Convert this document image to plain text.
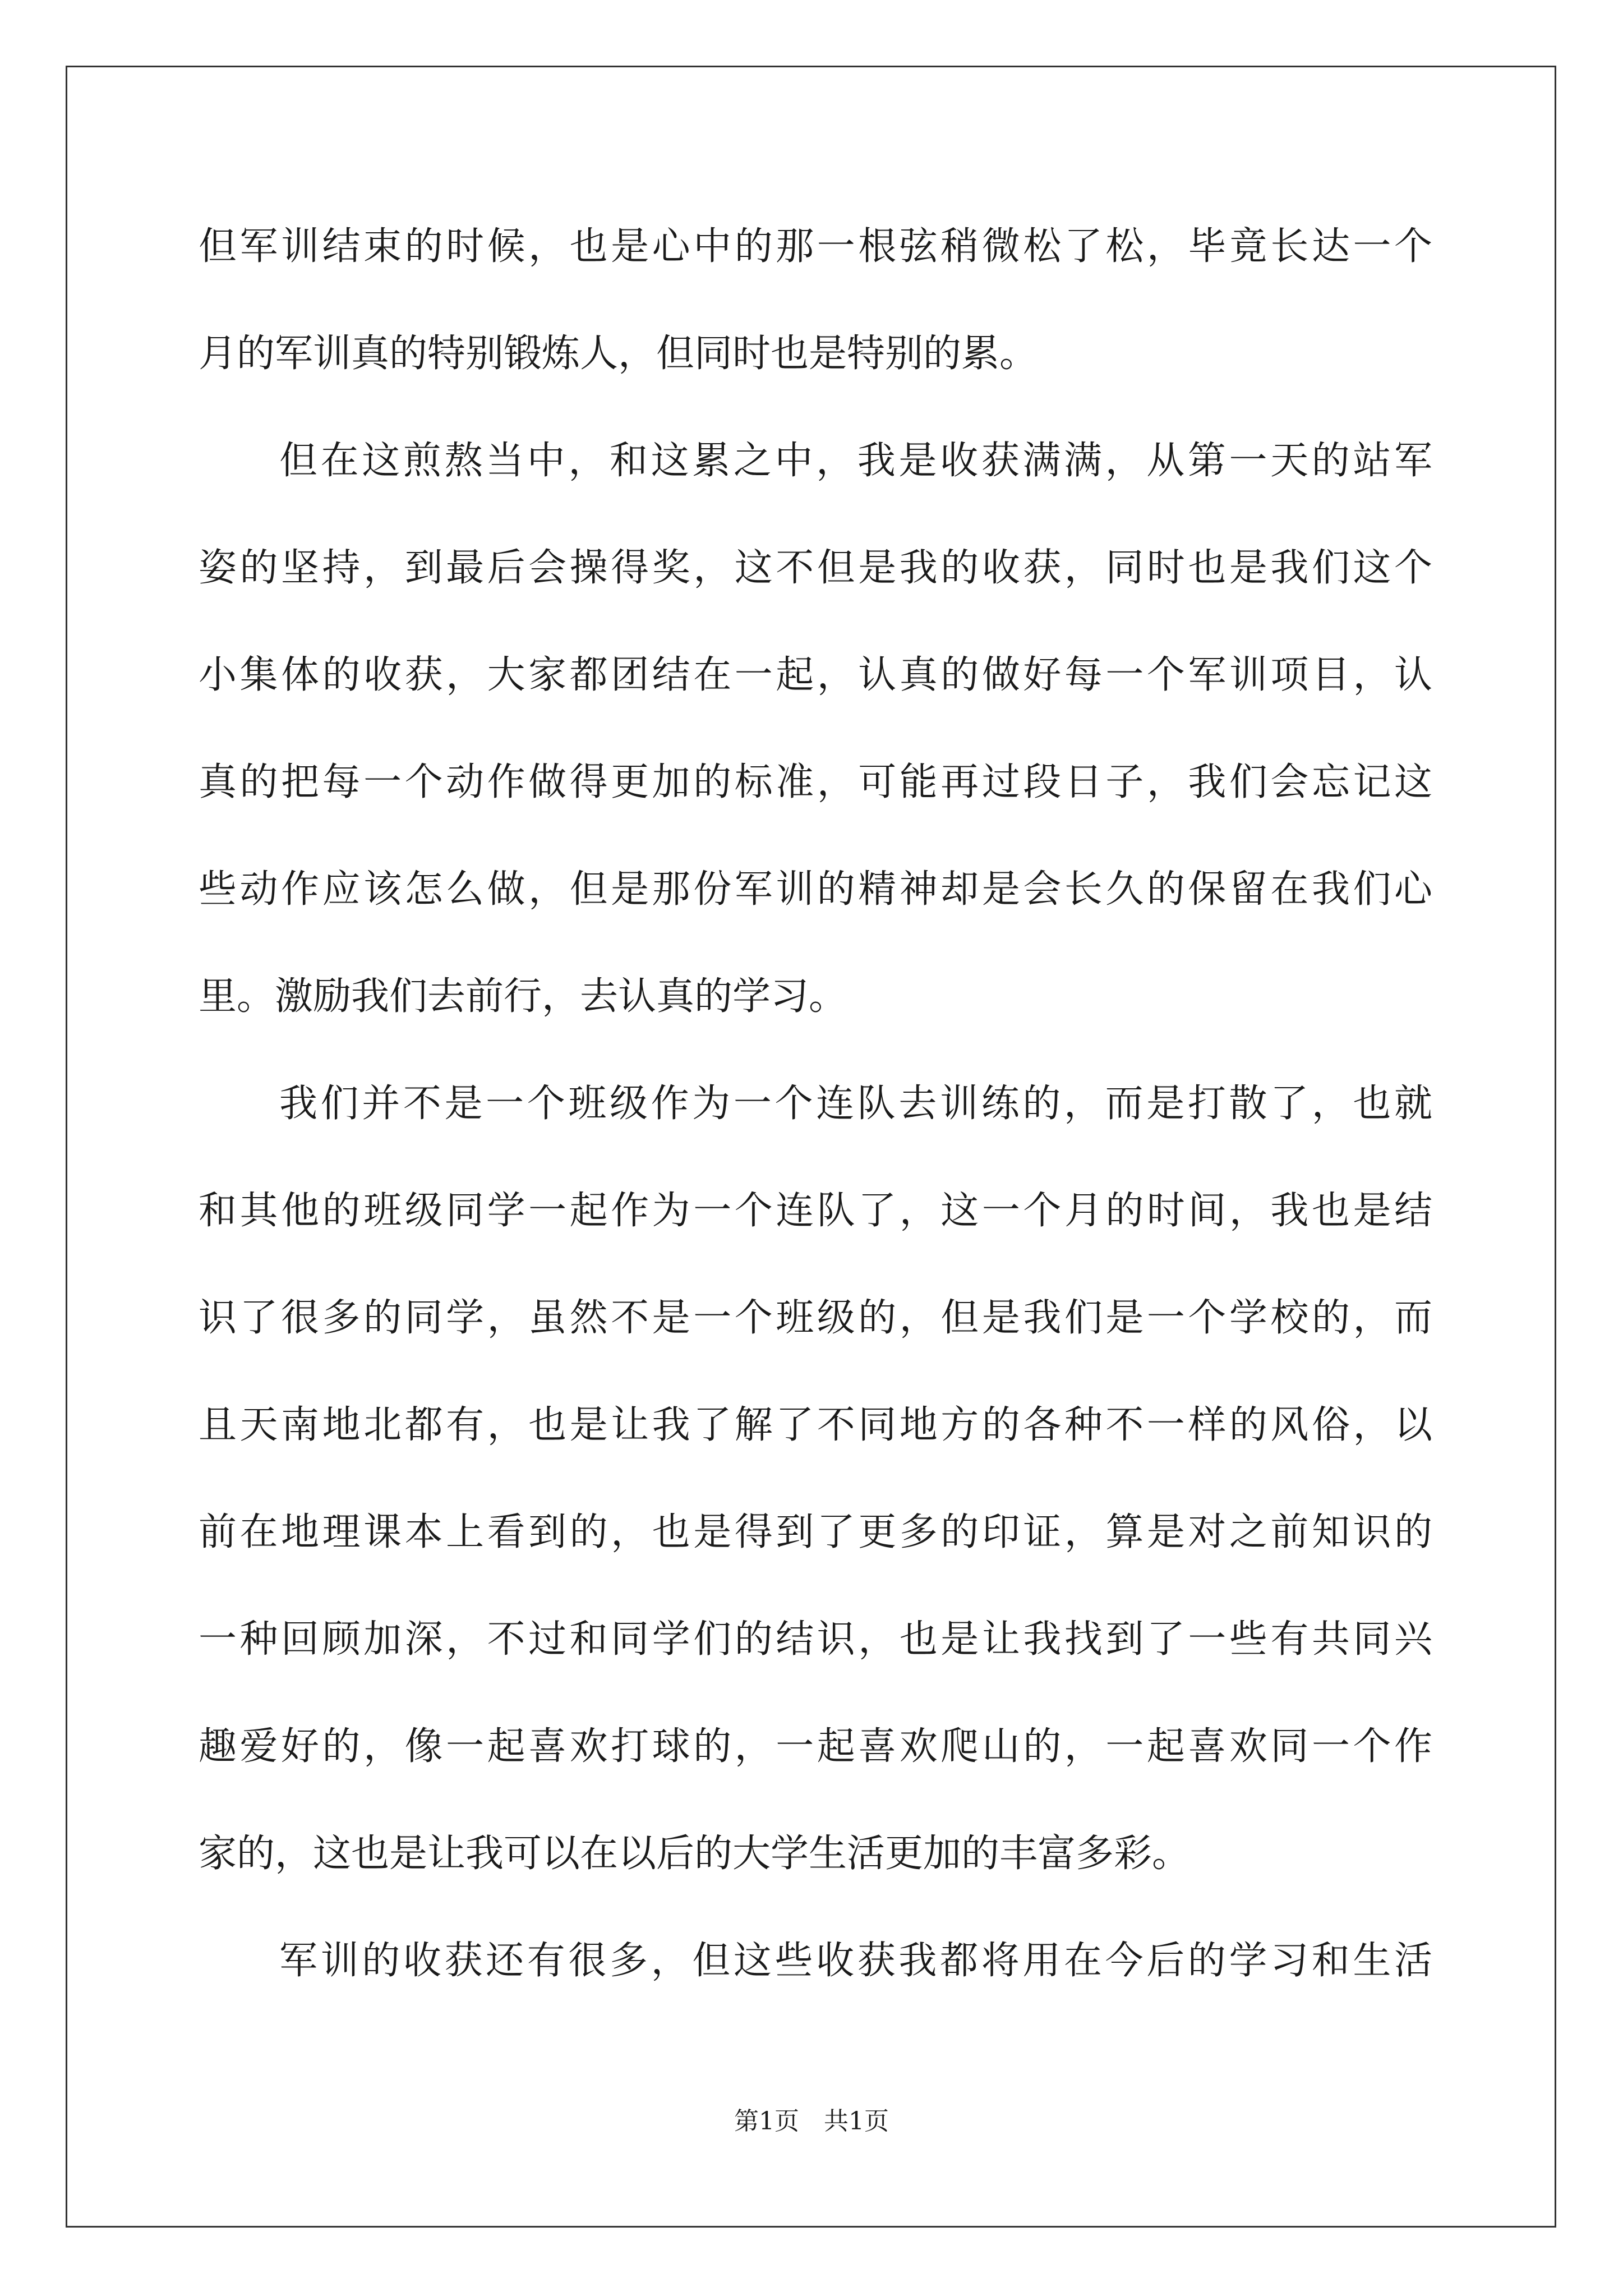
但军训结束的时候，也是心中的那一根弦稍微松了松，毕竟长达一个
月的军训真的特别锻炼人，但同时也是特别的累。
但在这煎熬当中，和这累之中，我是收获满满，从第一天的站军
姿的坚持，到最后会操得奖，这不但是我的收获，同时也是我们这个
小集体的收获，大家都团结在一起，认真的做好每一个军训项目，认
真的把每一个动作做得更加的标准，可能再过段日子，我们会忘记这
些动作应该怎么做，但是那份军训的精神却是会长久的保留在我们心
里。激励我们去前行，去认真的学习。
我们并不是一个班级作为一个连队去训练的，而是打散了，也就
和其他的班级同学一起作为一个连队了，这一个月的时间，我也是结
识了很多的同学，虽然不是一个班级的，但是我们是一个学校的，而
且天南地北都有，也是让我了解了不同地方的各种不一样的风俗，以
前在地理课本上看到的，也是得到了更多的印证，算是对之前知识的
一种回顾加深，不过和同学们的结识，也是让我找到了一些有共同兴
趣爱好的，像一起喜欢打球的，一起喜欢爬山的，一起喜欢同一个作
家的，这也是让我可以在以后的大学生活更加的丰富多彩。
军训的收获还有很多，但这些收获我都将用在今后的学习和生活
第1页 共1页
